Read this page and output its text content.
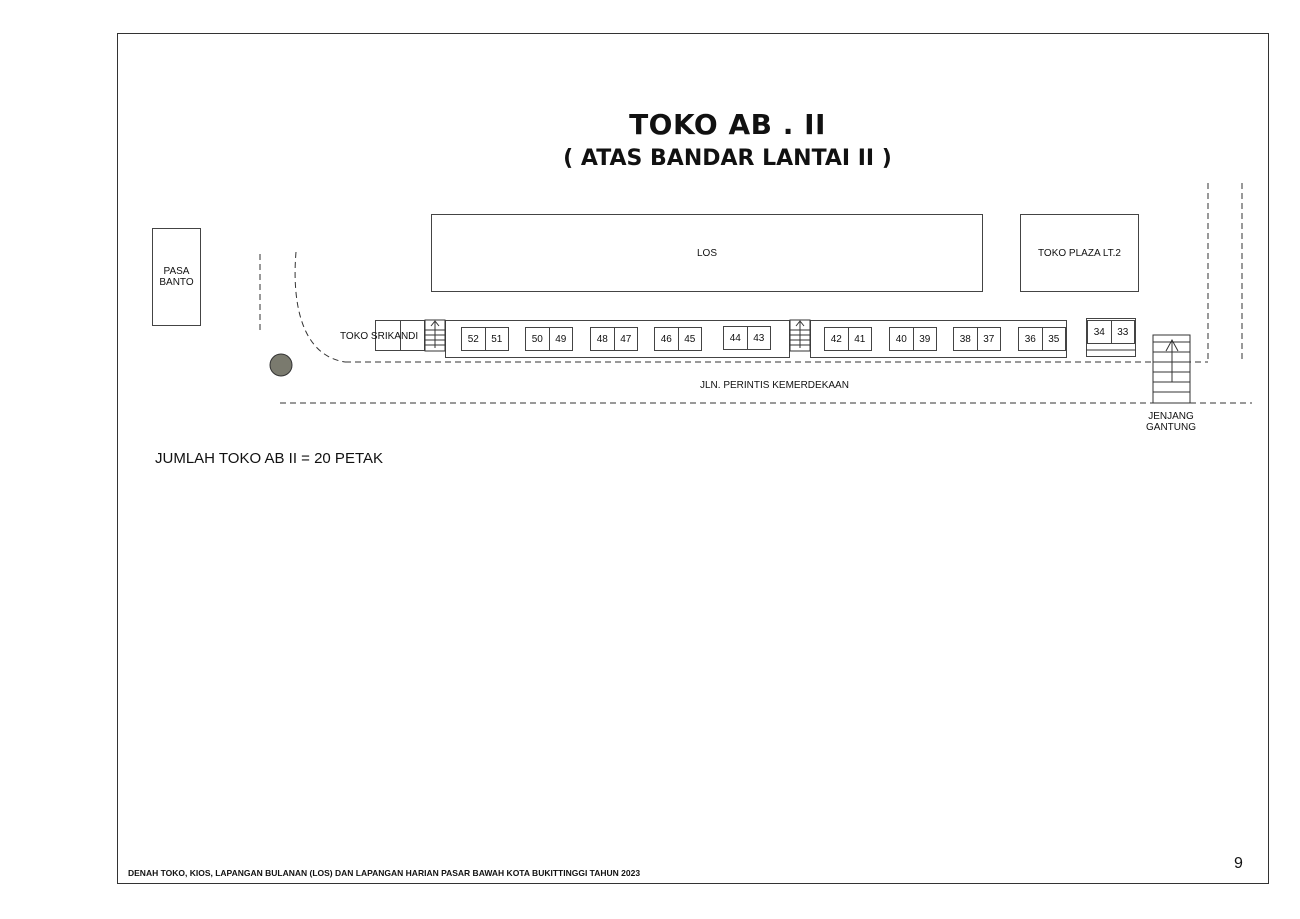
TOKO AB . II
( ATAS BANDAR LANTAI II )
PASA BANTO
LOS	TOKO PLAZA LT.2
TOKO SRIKANDI	52	51	50	49	48	47	46	45	44	43	42	41	40	39	38	37	36	35
34	33
JLN. PERINTIS KEMERDEKAAN
JENJANG GANTUNG
JUMLAH TOKO AB II = 20 PETAK
DENAH TOKO, KIOS, LAPANGAN BULANAN (LOS) DAN LAPANGAN HARIAN PASAR BAWAH KOTA BUKITTINGGI TAHUN 2023
9
